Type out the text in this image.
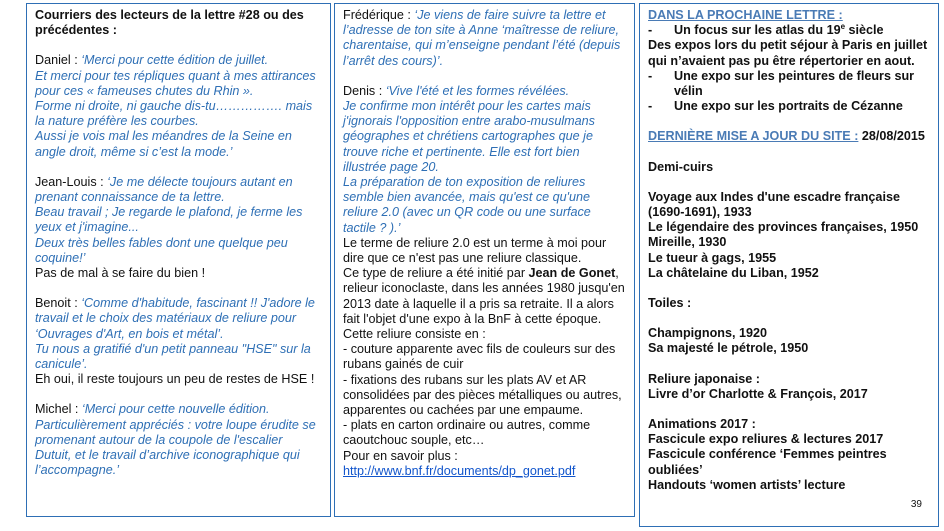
Courriers des lecteurs de la lettre #28 ou des précédentes :

Daniel : ‘Merci pour cette édition de juillet.

Et merci pour tes répliques quant à mes attirances pour ces « fameuses chutes du Rhin ».

Forme ni droite, ni gauche dis-tu……………. mais la nature préfère les courbes.

Aussi je vois mal les méandres de la Seine en angle droit, même si c’est la mode.’

Jean-Louis : ‘Je me délecte toujours autant en prenant connaissance de ta lettre.

Beau travail ; Je regarde le plafond, je ferme les yeux et j'imagine...

Deux très belles fables dont une quelque peu coquine!’

Pas de mal à se faire du bien !

Benoit : ‘Comme d'habitude, fascinant !! J'adore le travail et le choix des matériaux de reliure pour ‘Ouvrages d'Art, en bois et métal’.

Tu nous a gratifié d'un petit panneau "HSE" sur la canicule’.

Eh oui, il reste toujours un peu de restes de HSE !

Michel : ‘Merci pour cette nouvelle édition. Particulièrement appréciés : votre loupe érudite se promenant autour de la coupole de l'escalier Dutuit, et le travail d’archive iconographique qui l’accompagne.’

Frédérique : ‘Je viens de faire suivre ta lettre et l’adresse de ton site à Anne ‘maîtresse de reliure, charentaise, qui m’enseigne pendant l’été (depuis l’arrêt des cours)’.

Denis : ‘Vive l'été et les formes révélées.

Je confirme mon intérêt pour les cartes mais j'ignorais l'opposition entre arabo-musulmans géographes et chrétiens cartographes que je trouve riche et pertinente. Elle est fort bien illustrée page 20.

La préparation de ton exposition de reliures semble bien avancée, mais qu'est ce qu'une reliure 2.0 (avec un QR code ou une surface tactile ? ).’

Le terme de reliure 2.0 est un terme à moi pour dire que ce n'est pas une reliure classique.

Ce type de reliure a été initié par Jean de Gonet, relieur iconoclaste, dans les années 1980 jusqu'en 2013 date à laquelle il a pris sa retraite. Il a alors fait l'objet d'une expo à la BnF à cette époque.

Cette reliure consiste en :

- couture apparente avec fils de couleurs sur des rubans gainés de cuir

- fixations des rubans sur les plats AV et AR consolidées par des pièces métalliques ou autres, apparentes ou cachées par une empaume.

- plats en carton ordinaire ou autres, comme caoutchouc souple, etc…

Pour en savoir plus :

http://www.bnf.fr/documents/dp_gonet.pdf

DANS LA PROCHAINE LETTRE :

-	Un focus sur les atlas du 19e siècle

Des expos lors du petit séjour à Paris en juillet qui n’avaient pas pu être répertorier en aout.

-	Une expo sur les peintures de fleurs sur vélin
-	Une expo sur les portraits de Cézanne

DERNIÈRE MISE A JOUR DU SITE : 28/08/2015

Demi-cuirs

Voyage aux Indes d'une escadre française (1690-1691), 1933

Le légendaire des provinces françaises, 1950

Mireille, 1930

Le tueur à gags, 1955

La châtelaine du Liban, 1952

Toiles :

Champignons, 1920

Sa majesté le pétrole, 1950

Reliure japonaise :

Livre d’or Charlotte & François, 2017

Animations 2017 :

Fascicule expo reliures & lectures 2017

Fascicule conférence ‘Femmes peintres oubliées’

Handouts ‘women artists’ lecture

39
